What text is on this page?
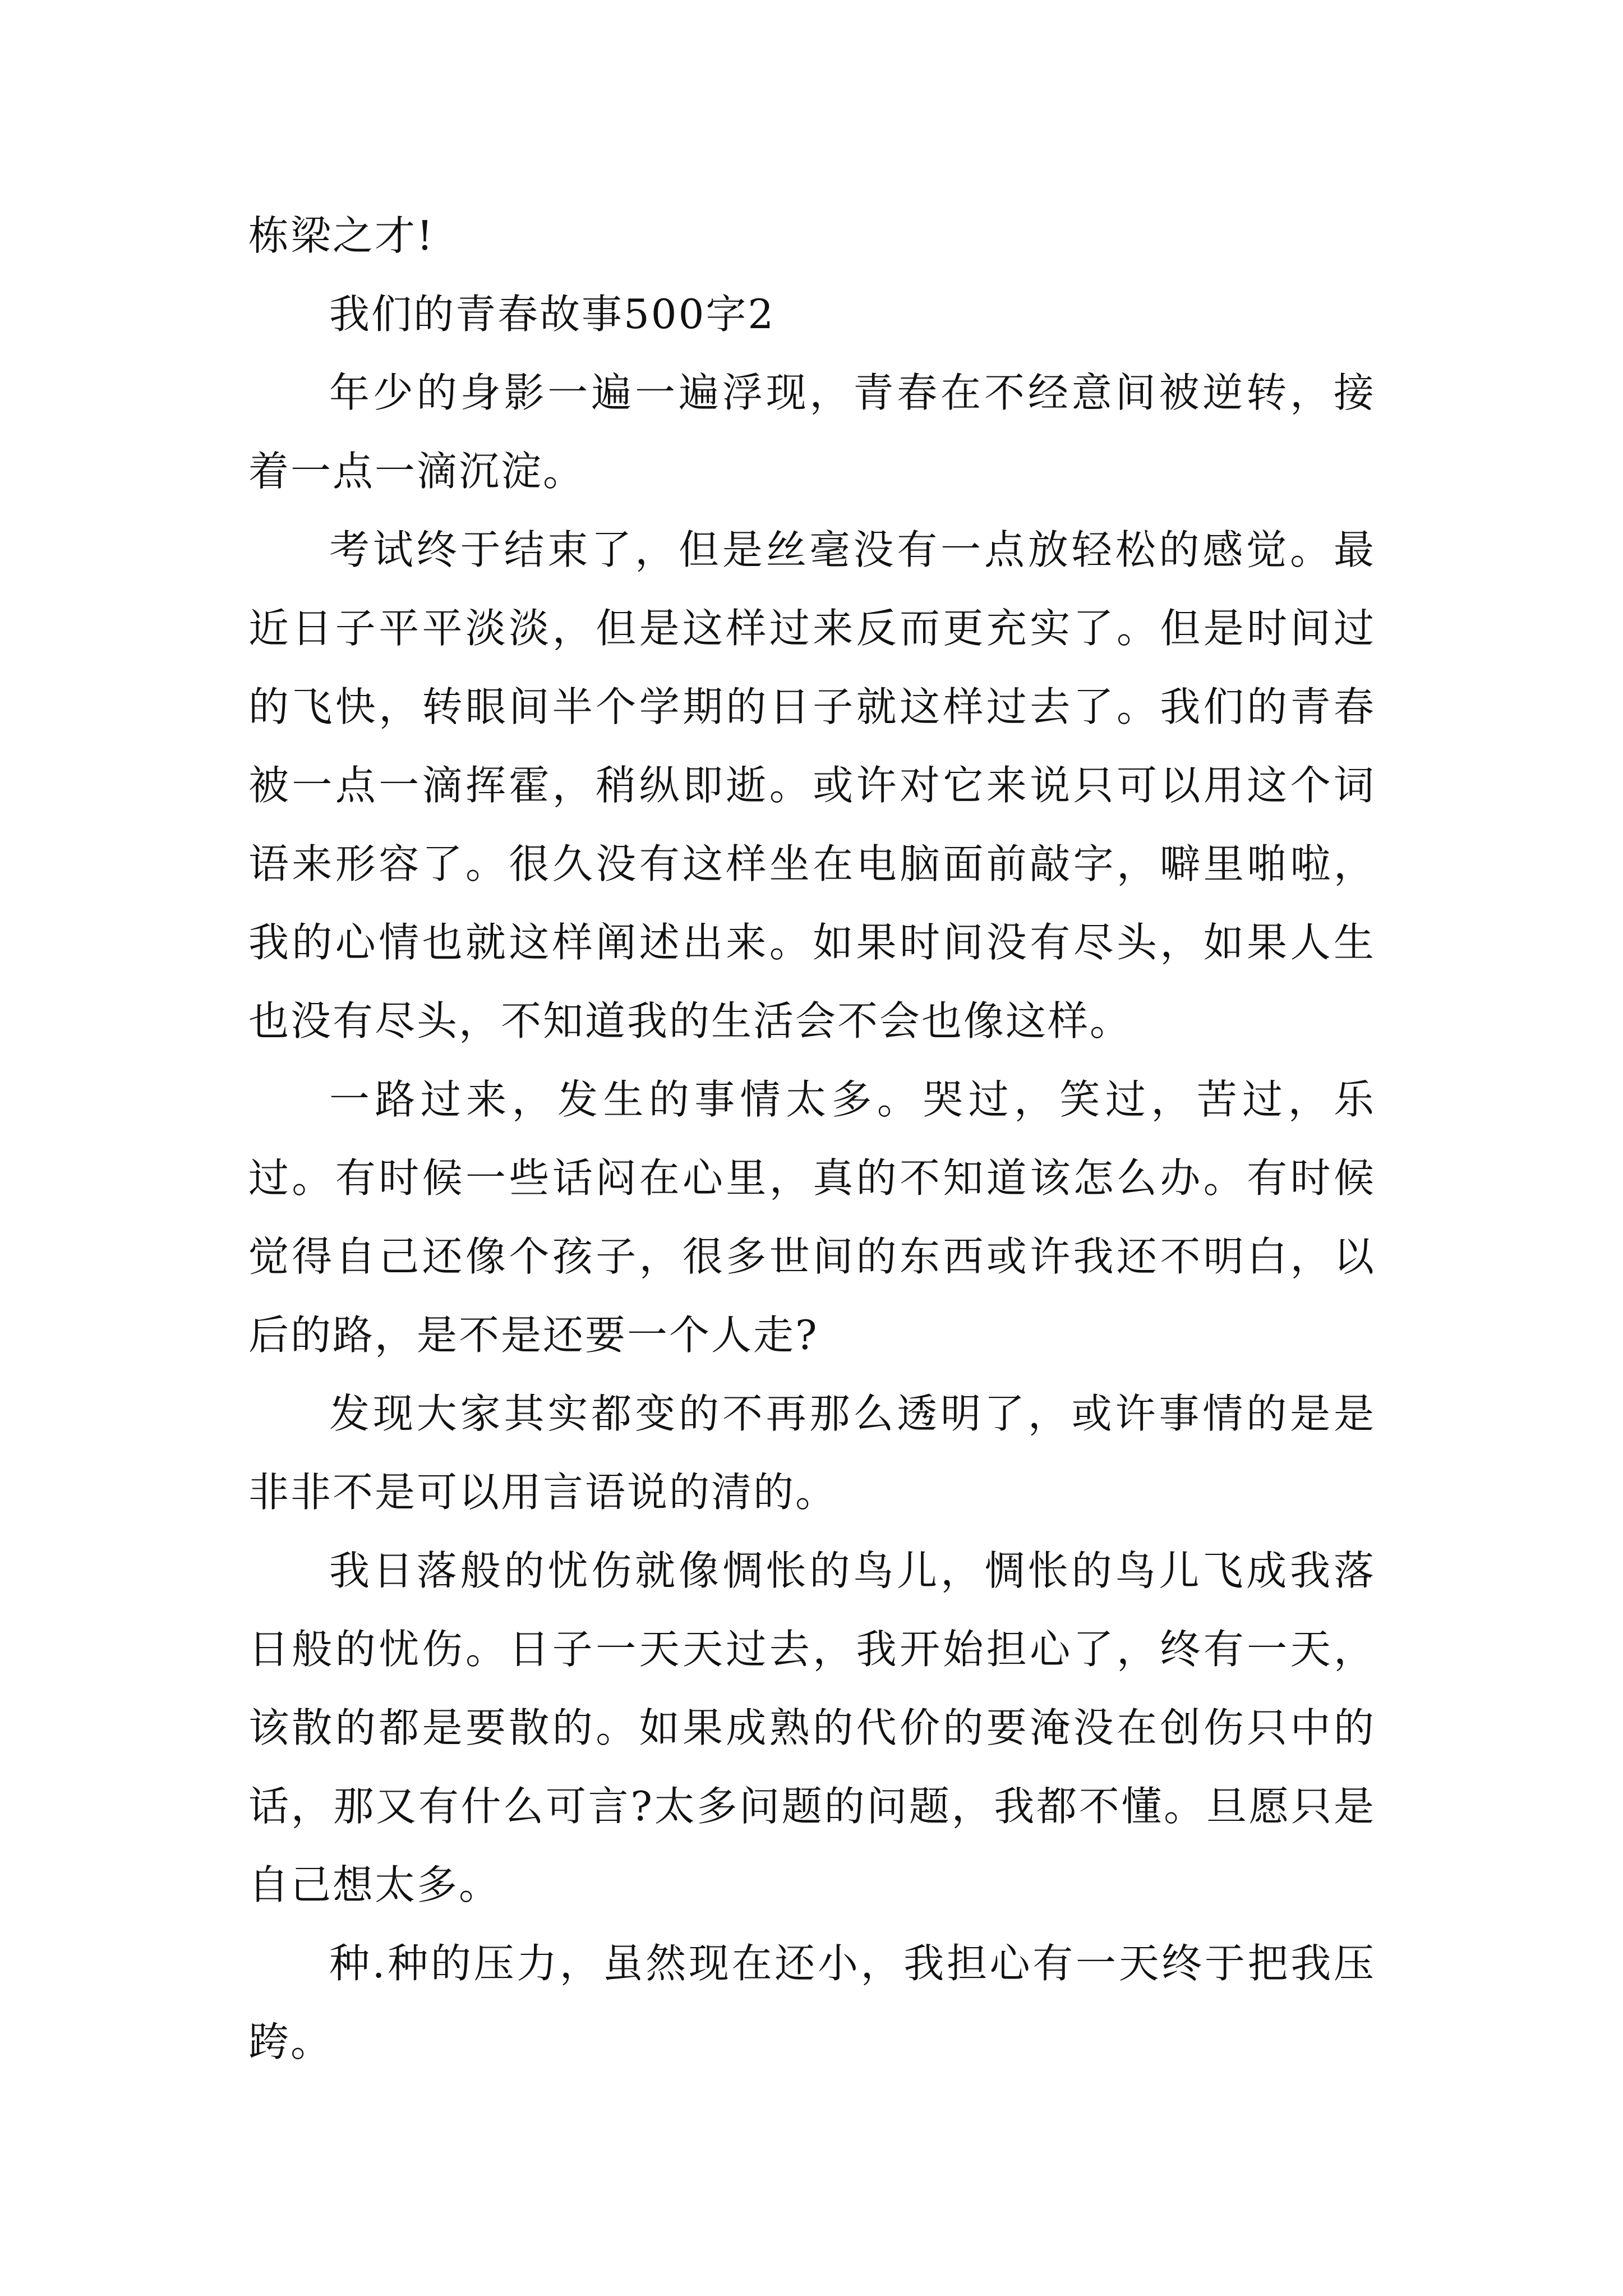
栋梁之才!

我们的青春故事500字2

年少的身影一遍一遍浮现，青春在不经意间被逆转，接着一点一滴沉淀。

考试终于结束了，但是丝毫没有一点放轻松的感觉。最近日子平平淡淡，但是这样过来反而更充实了。但是时间过的飞快，转眼间半个学期的日子就这样过去了。我们的青春被一点一滴挥霍，稍纵即逝。或许对它来说只可以用这个词语来形容了。很久没有这样坐在电脑面前敲字，噼里啪啦，我的心情也就这样阐述出来。如果时间没有尽头，如果人生也没有尽头，不知道我的生活会不会也像这样。

一路过来，发生的事情太多。哭过，笑过，苦过，乐过。有时候一些话闷在心里，真的不知道该怎么办。有时候觉得自己还像个孩子，很多世间的东西或许我还不明白，以后的路，是不是还要一个人走?

发现大家其实都变的不再那么透明了，或许事情的是是非非不是可以用言语说的清的。

我日落般的忧伤就像惆怅的鸟儿，惆怅的鸟儿飞成我落日般的忧伤。日子一天天过去，我开始担心了，终有一天，该散的都是要散的。如果成熟的代价的要淹没在创伤只中的话，那又有什么可言?太多问题的问题，我都不懂。旦愿只是自己想太多。

种.种的压力，虽然现在还小，我担心有一天终于把我压跨。
